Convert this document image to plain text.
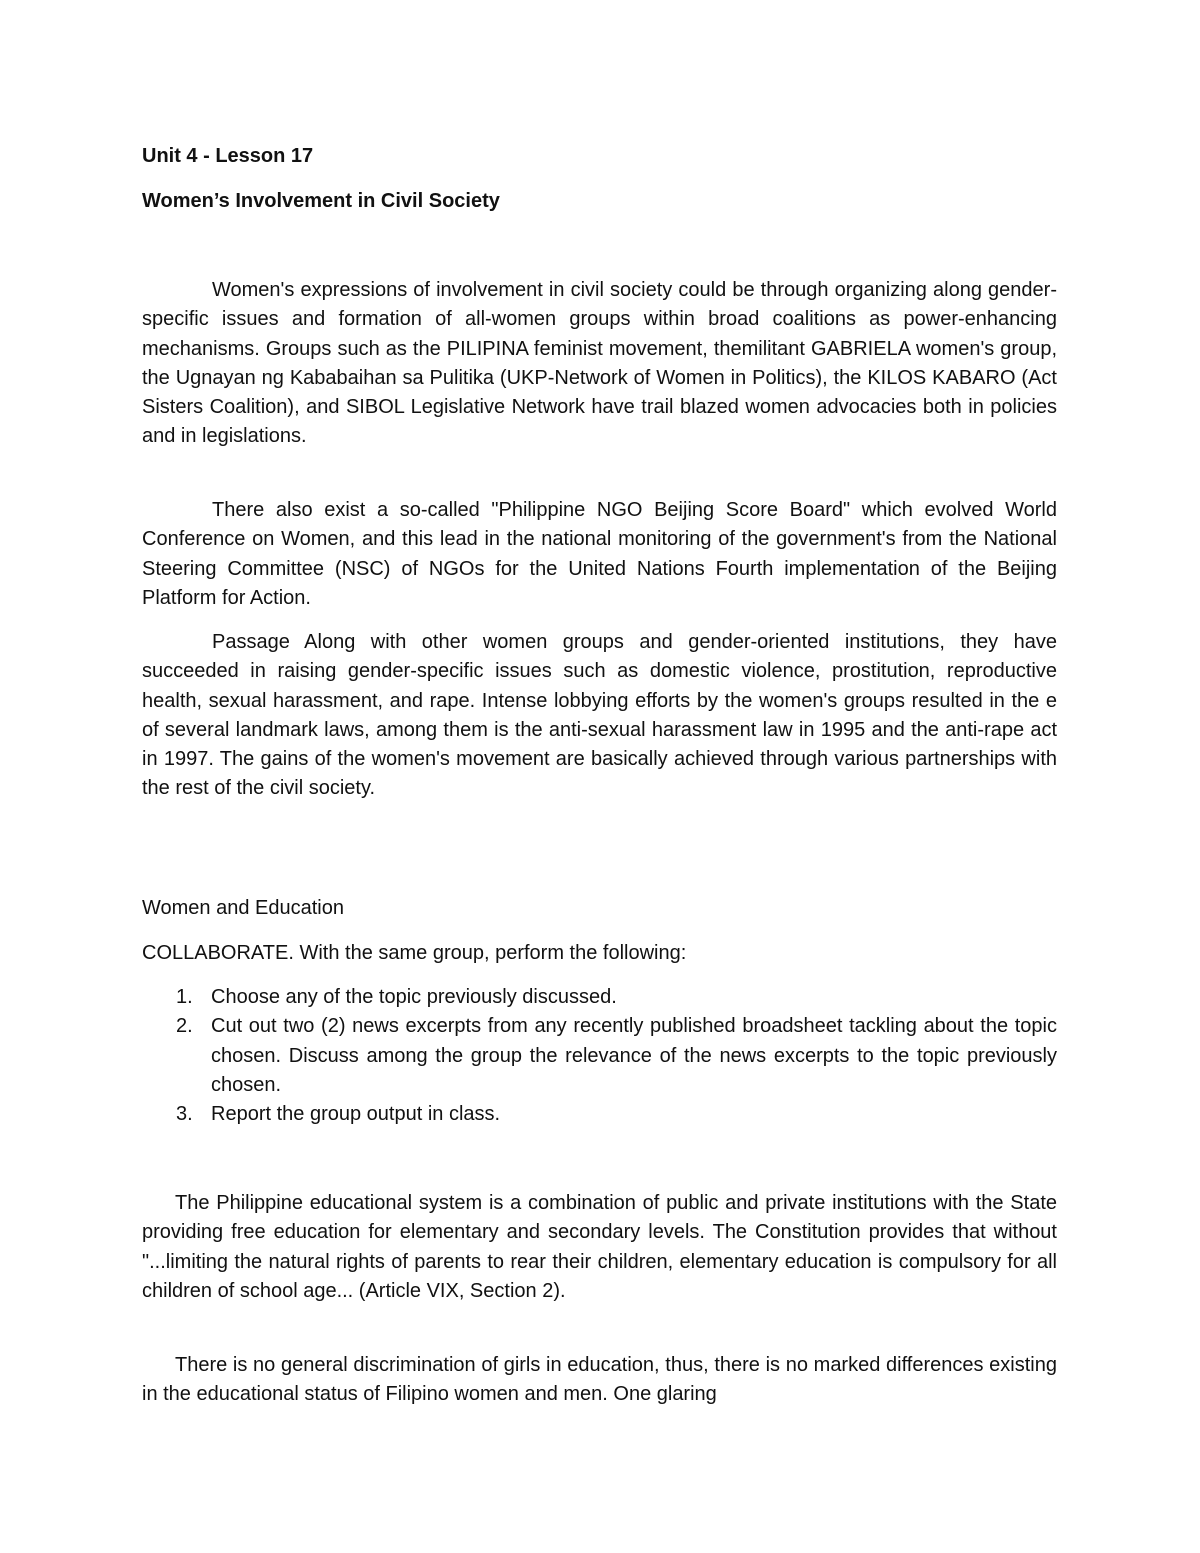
Unit 4 - Lesson 17

Women’s Involvement in Civil Society

Women's expressions of involvement in civil society could be through organizing along gender-specific issues and formation of all-women groups within broad coalitions as power-enhancing mechanisms. Groups such as the PILIPINA feminist movement, themilitant GABRIELA women's group, the Ugnayan ng Kababaihan sa Pulitika (UKP-Network of Women in Politics), the KILOS KABARO (Act Sisters Coalition), and SIBOL Legislative Network have trail blazed women advocacies both in policies and in legislations.

There also exist a so-called "Philippine NGO Beijing Score Board" which evolved World Conference on Women, and this lead in the national monitoring of the government's from the National Steering Committee (NSC) of NGOs for the United Nations Fourth implementation of the Beijing Platform for Action.

Passage Along with other women groups and gender-oriented institutions, they have succeeded in raising gender-specific issues such as domestic violence, prostitution, reproductive health, sexual harassment, and rape. Intense lobbying efforts by the women's groups resulted in the e of several landmark laws, among them is the anti-sexual harassment law in 1995 and the anti-rape act in 1997. The gains of the women's movement are basically achieved through various partnerships with the rest of the civil society.

Women and Education

COLLABORATE. With the same group, perform the following:

1. Choose any of the topic previously discussed.
2. Cut out two (2) news excerpts from any recently published broadsheet tackling about the topic chosen. Discuss among the group the relevance of the news excerpts to the topic previously chosen.
3. Report the group output in class.

The Philippine educational system is a combination of public and private institutions with the State providing free education for elementary and secondary levels. The Constitution provides that without "...limiting the natural rights of parents to rear their children, elementary education is compulsory for all children of school age... (Article VIX, Section 2).

There is no general discrimination of girls in education, thus, there is no marked differences existing in the educational status of Filipino women and men. One glaring
